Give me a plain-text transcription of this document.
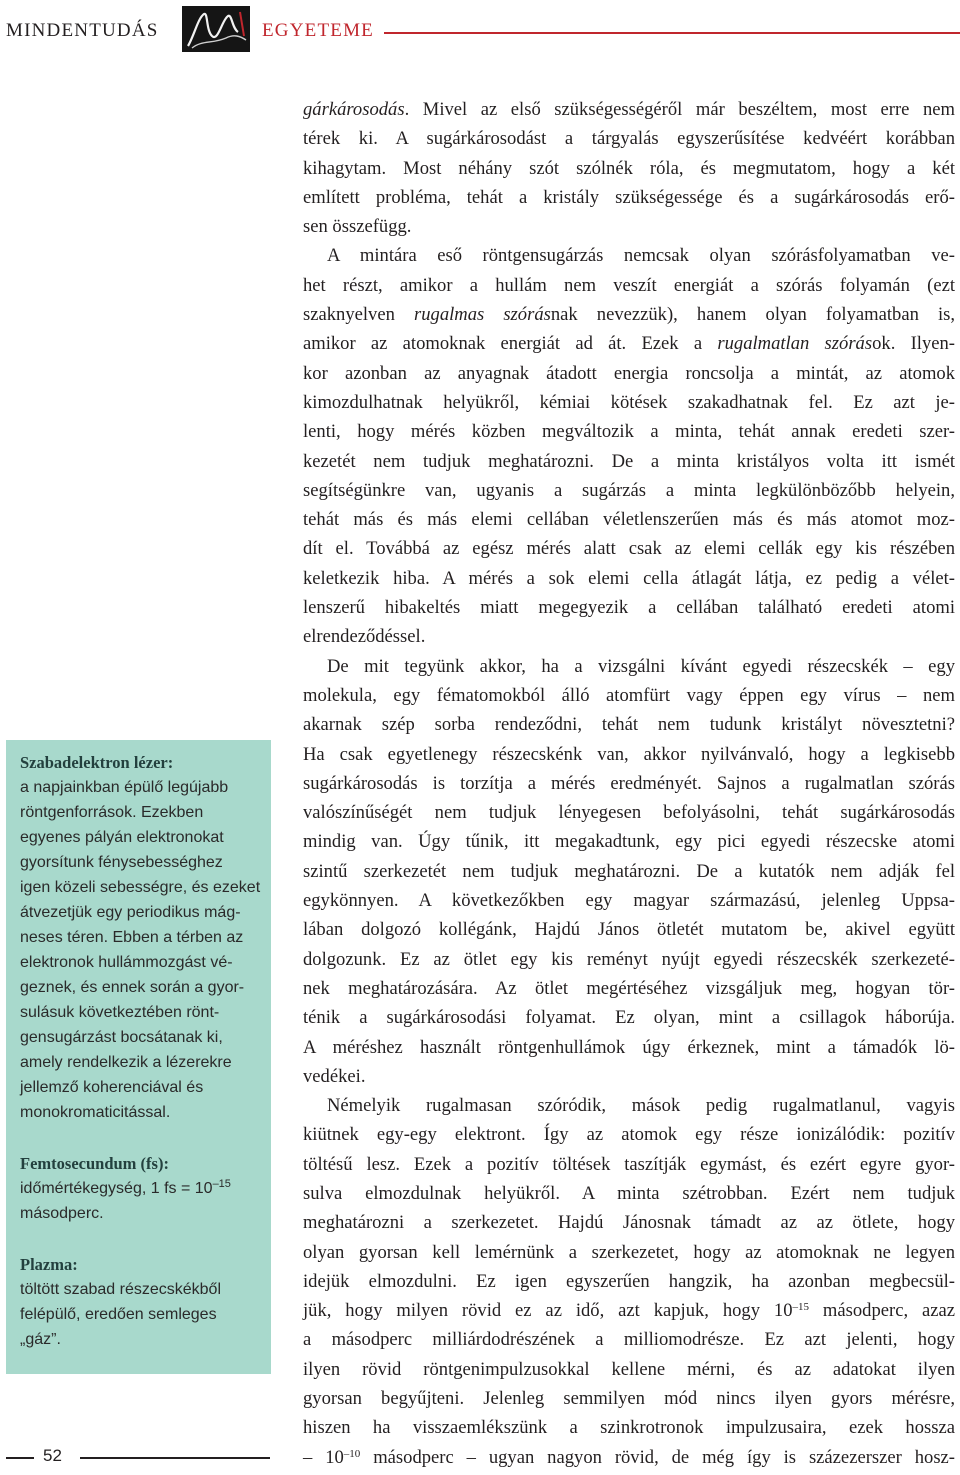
MINDENTUDÁS	EGYETEME
Szabadelektron lézer:
a napjainkban épülő legújabb
röntgenforrások. Ezekben
egyenes pályán elektronokat
gyorsítunk fénysebességhez
igen közeli sebességre, és ezeket
átvezetjük egy periodikus mág-
neses téren. Ebben a térben az
elektronok hullámmozgást vé-
geznek, és ennek során a gyor-
sulásuk következtében rönt-
gensugárzást bocsátanak ki,
amely rendelkezik a lézerekre
jellemző koherenciával és
monokromaticitással.
Femtosecundum (fs):
időmértékegység, 1 fs = $10^{-15}$
másodperc.
Plazma:
töltött szabad részecskékből
felépülő, eredően semleges
„gáz”.
52
gárkárosodás. Mivel az első szükségességéről már beszéltem, most erre nem
térek ki. A sugárkárosodást a tárgyalás egyszerűsítése kedvéért korábban
kihagytam. Most néhány szót szólnék róla, és megmutatom, hogy a két
említett probléma, tehát a kristály szükségessége és a sugárkárosodás erő-
sen összefügg.
A mintára eső röntgensugárzás nemcsak olyan szórásfolyamatban ve-
het részt, amikor a hullám nem veszít energiát a szórás folyamán (ezt
szaknyelven rugalmas szórásnak nevezzük), hanem olyan folyamatban is,
amikor az atomoknak energiát ad át. Ezek a rugalmatlan szórások. Ilyen-
kor azonban az anyagnak átadott energia roncsolja a mintát, az atomok
kimozdulhatnak helyükről, kémiai kötések szakadhatnak fel. Ez azt je-
lenti, hogy mérés közben megváltozik a minta, tehát annak eredeti szer-
kezetét nem tudjuk meghatározni. De a minta kristályos volta itt ismét
segítségünkre van, ugyanis a sugárzás a minta legkülönbözőbb helyein,
tehát más és más elemi cellában véletlenszerűen más és más atomot moz-
dít el. Továbbá az egész mérés alatt csak az elemi cellák egy kis részében
keletkezik hiba. A mérés a sok elemi cella átlagát látja, ez pedig a vélet-
lenszerű hibakeltés miatt megegyezik a cellában található eredeti atomi
elrendeződéssel.
De mit tegyünk akkor, ha a vizsgálni kívánt egyedi részecskék – egy
molekula, egy fématomokból álló atomfürt vagy éppen egy vírus – nem
akarnak szép sorba rendeződni, tehát nem tudunk kristályt növesztetni?
Ha csak egyetlenegy részecskénk van, akkor nyilvánvaló, hogy a legkisebb
sugárkárosodás is torzítja a mérés eredményét. Sajnos a rugalmatlan szórás
valószínűségét nem tudjuk lényegesen befolyásolni, tehát sugárkárosodás
mindig van. Úgy tűnik, itt megakadtunk, egy pici egyedi részecske atomi
szintű szerkezetét nem tudjuk meghatározni. De a kutatók nem adják fel
egykönnyen. A következőkben egy magyar származású, jelenleg Uppsa-
lában dolgozó kollégánk, Hajdú János ötletét mutatom be, akivel együtt
dolgozunk. Ez az ötlet egy kis reményt nyújt egyedi részecskék szerkezeté-
nek meghatározására. Az ötlet megértéséhez vizsgáljuk meg, hogyan tör-
ténik a sugárkárosodási folyamat. Ez olyan, mint a csillagok háborúja.
A méréshez használt röntgenhullámok úgy érkeznek, mint a támadók lö-
vedékei.
Némelyik rugalmasan szóródik, mások pedig rugalmatlanul, vagyis
kiütnek egy-egy elektront. Így az atomok egy része ionizálódik: pozitív
töltésű lesz. Ezek a pozitív töltések taszítják egymást, és ezért egyre gyor-
sulva elmozdulnak helyükről. A minta szétrobban. Ezért nem tudjuk
meghatározni a szerkezetet. Hajdú Jánosnak támadt az az ötlete, hogy
olyan gyorsan kell lemérnünk a szerkezetet, hogy az atomoknak ne legyen
idejük elmozdulni. Ez igen egyszerűen hangzik, ha azonban megbecsül-
jük, hogy milyen rövid ez az idő, azt kapjuk, hogy $10^{-15}$ másodperc, azaz
a másodperc milliárdodrészének a milliomodrésze. Ez azt jelenti, hogy
ilyen rövid röntgenimpulzusokkal kellene mérni, és az adatokat ilyen
gyorsan begyűjteni. Jelenleg semmilyen mód nincs ilyen gyors mérésre,
hiszen ha visszaemlékszünk a szinkrotronok impulzusaira, ezek hossza
– $10^{-10}$ másodperc – ugyan nagyon rövid, de még így is százezerszer hosz-
